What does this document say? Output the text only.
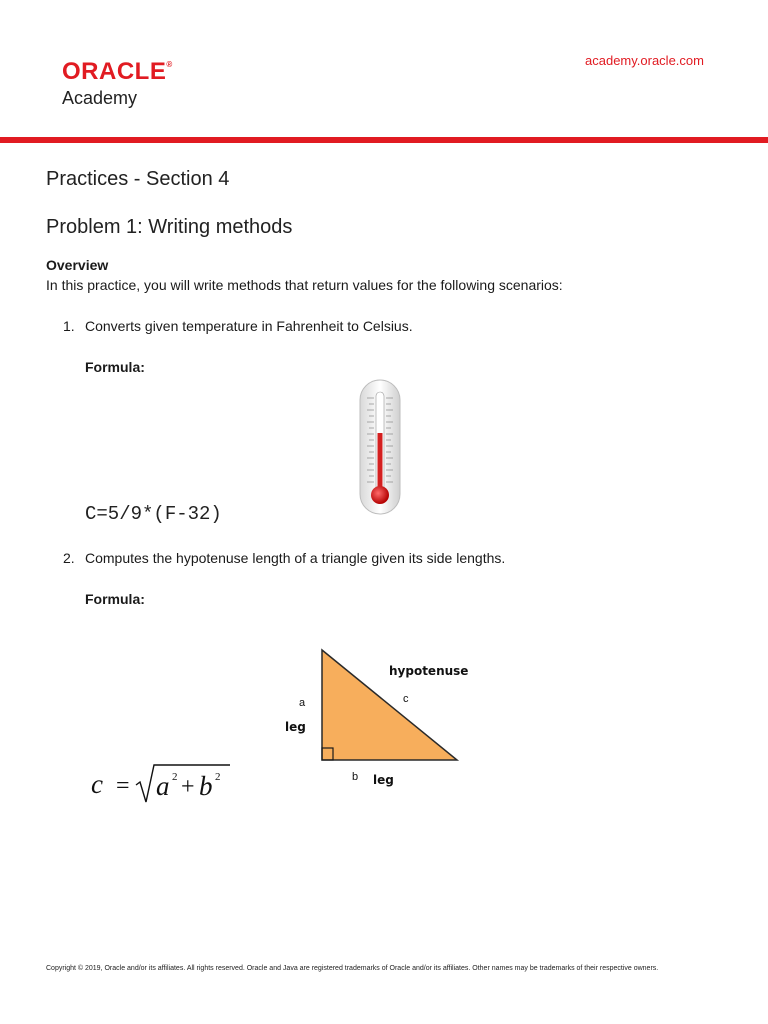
ORACLE®
Academy
academy.oracle.com
Practices - Section 4
Problem 1: Writing methods
Overview
In this practice, you will write methods that return values for the following scenarios:
1. Converts given temperature in Fahrenheit to Celsius.
Formula:
C=5/9*(F-32)
2. Computes the hypotenuse length of a triangle given its side lengths.
Formula:
hypotenuse
c
a
leg
b leg
c = a 2 + b 2
Copyright © 2019, Oracle and/or its affiliates. All rights reserved. Oracle and Java are registered trademarks of Oracle and/or its affiliates. Other names may be trademarks of their respective owners.
